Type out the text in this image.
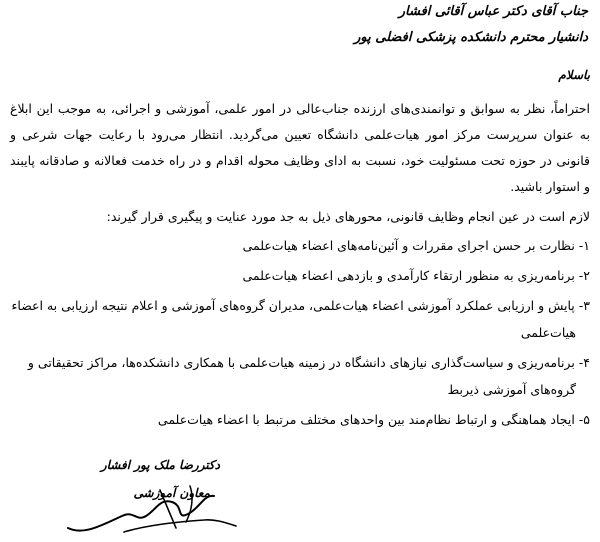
جناب آقای دکتر عباس آقائی افشار
دانشیار محترم دانشکده پزشکی افضلی پور
باسلام

احتراماً، نظر به سوابق و توانمندی‌های ارزنده جناب‌عالی در امور علمی، آموزشی و اجرائی، به موجب این ابلاغ به عنوان سرپرست مرکز امور هیات‌علمی دانشگاه تعیین می‌گردید. انتظار می‌رود با رعایت جهات شرعی و قانونی در حوزه تحت مسئولیت خود، نسبت به ادای وظایف محوله اقدام و در راه خدمت فعالانه و صادقانه پایبند و استوار باشید.

لازم است در عین انجام وظایف قانونی، محورهای ذیل به جد مورد عنایت و پیگیری قرار گیرند:
۱- نظارت بر حسن اجرای مقررات و آئین‌نامه‌های اعضاء هیات‌علمی
۲- برنامه‌ریزی به منظور ارتقاء کارآمدی و بازدهی اعضاء هیات‌علمی
۳- پایش و ارزیابی عملکرد آموزشی اعضاء هیات‌علمی، مدیران گروه‌های آموزشی و اعلام نتیجه ارزیابی به اعضاء هیات‌علمی
۴- برنامه‌ریزی و سیاست‌گذاری نیازهای دانشگاه در زمینه هیات‌علمی با همکاری دانشکده‌ها، مراکز تحقیقاتی و گروه‌های آموزشی ذیربط
۵- ایجاد هماهنگی و ارتباط نظام‌مند بین واحدهای مختلف مرتبط با اعضاء هیات‌علمی
دکتررضا ملک پور افشار
معاون آموزشی
